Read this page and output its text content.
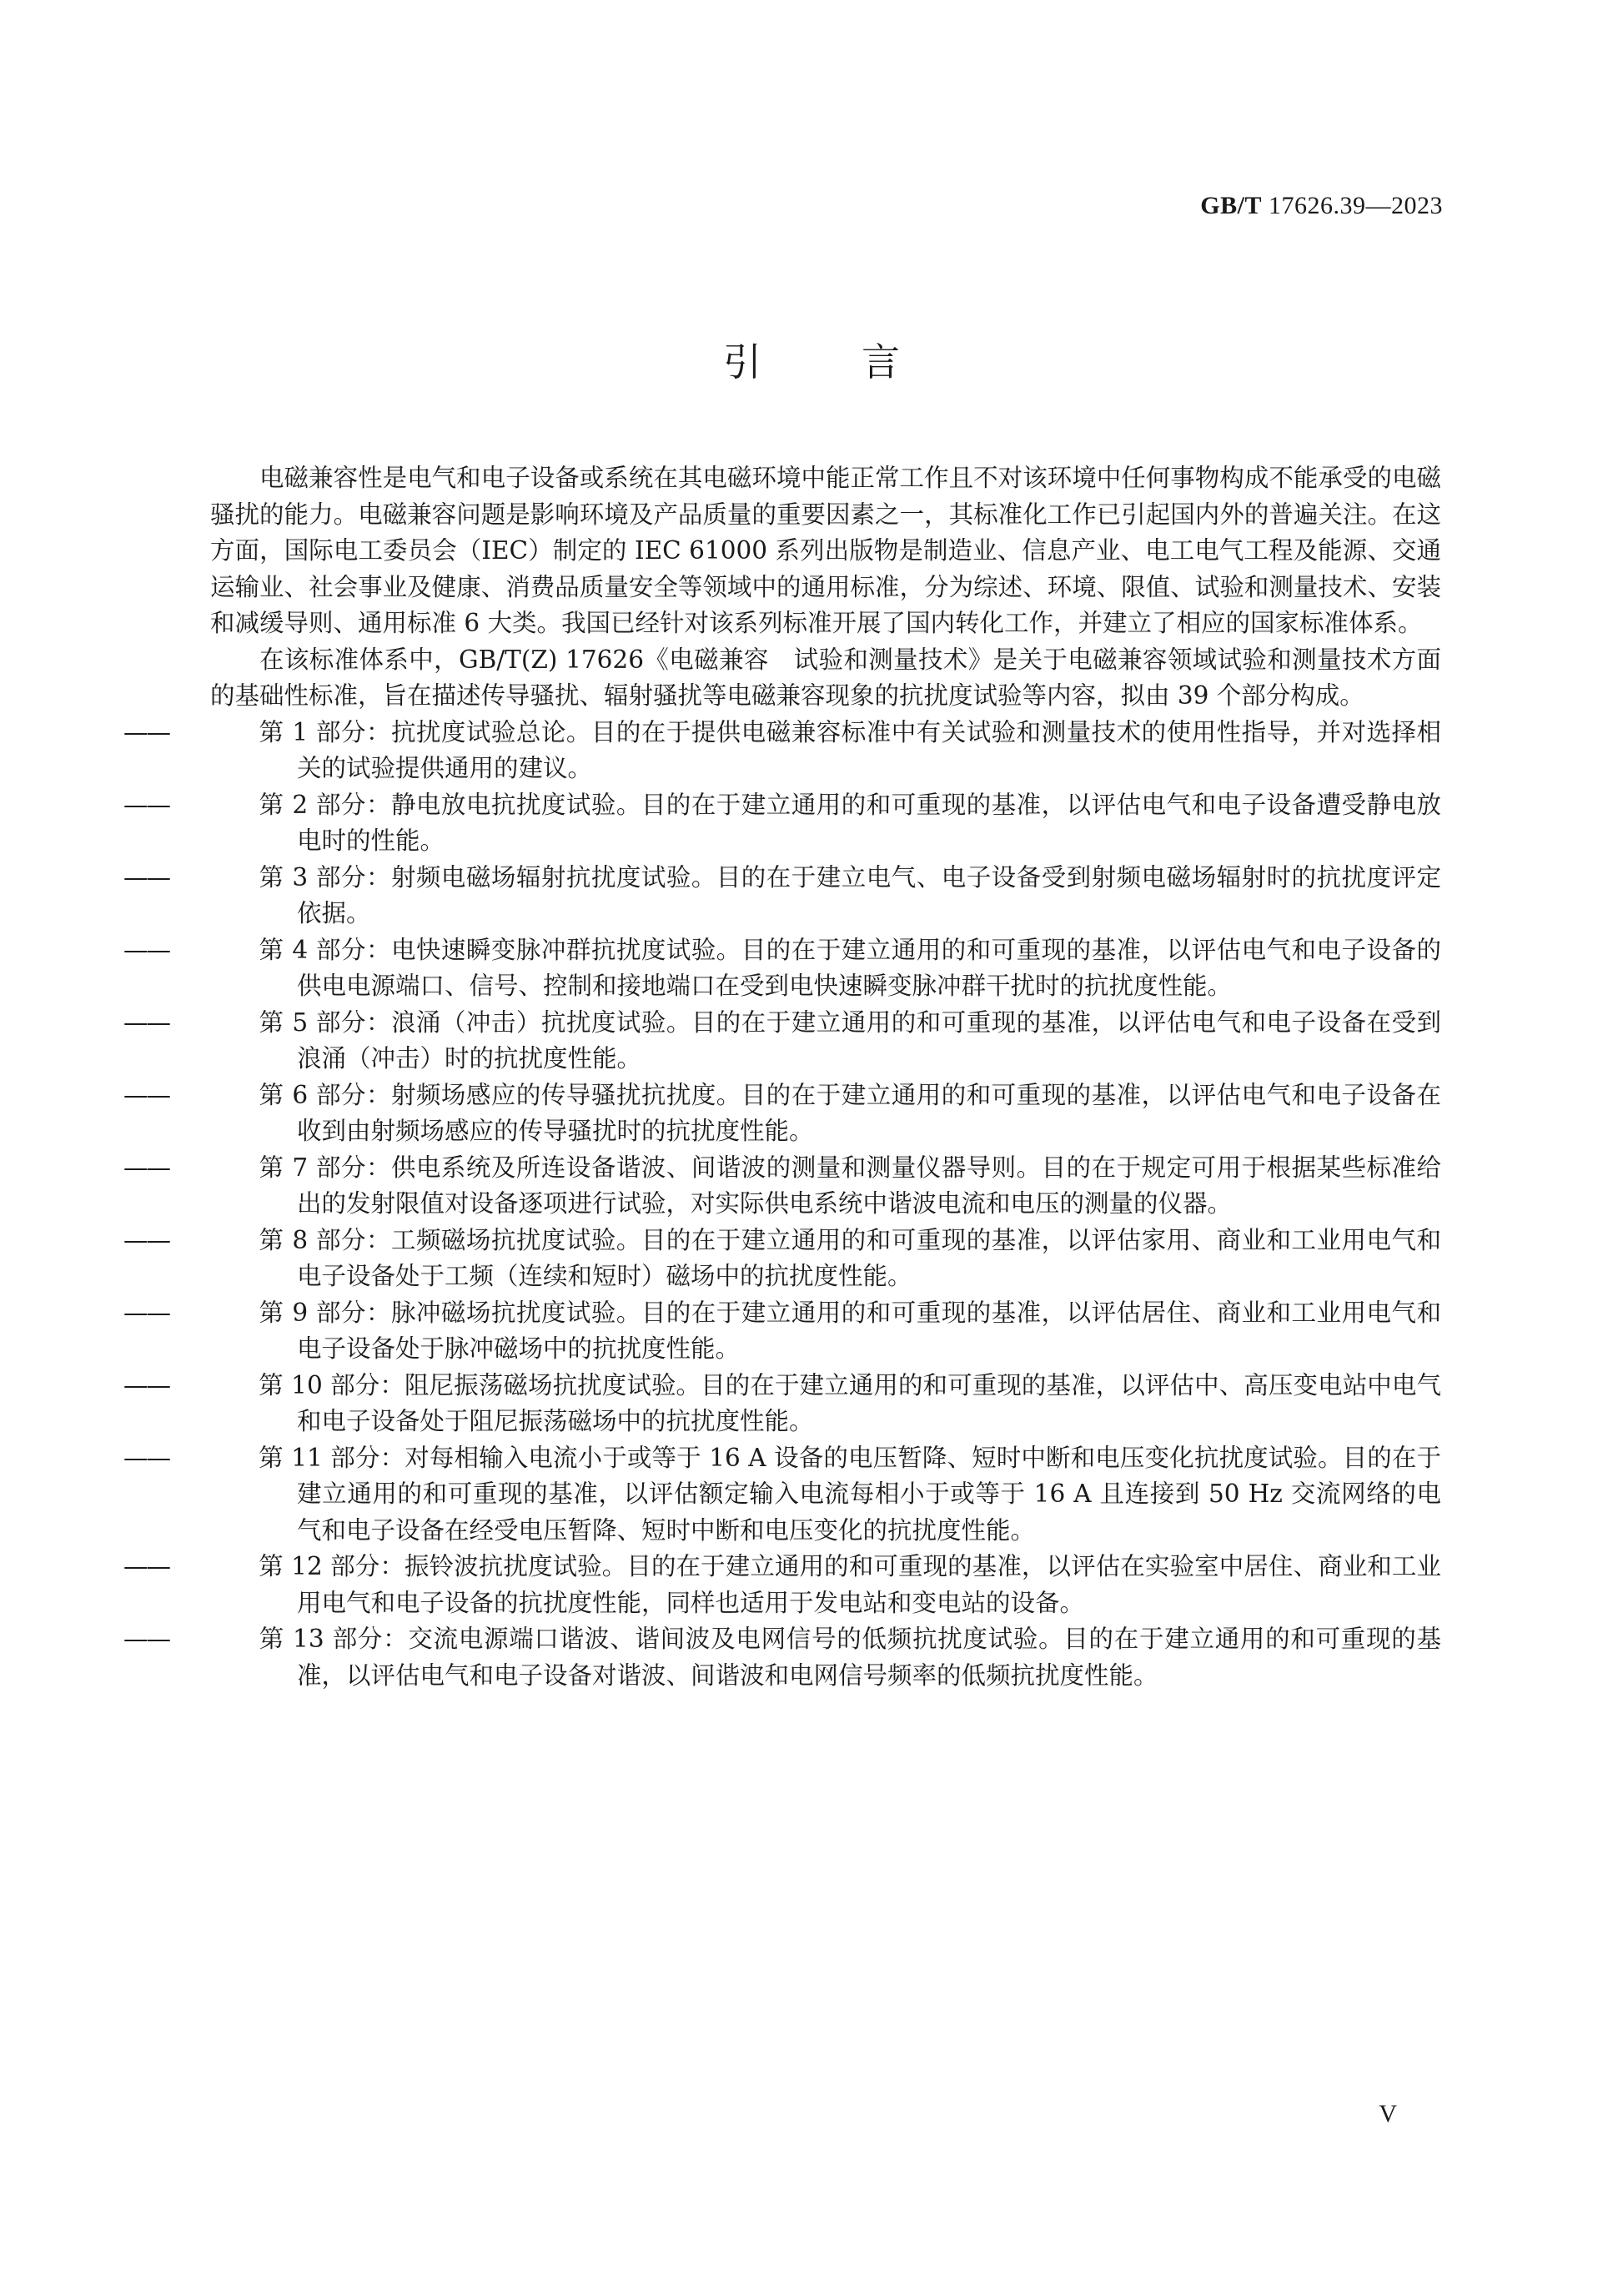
GB/T 17626.39—2023
引言

电磁兼容性是电气和电子设备或系统在其电磁环境中能正常工作且不对该环境中任何事物构成不能承受的电磁骚扰的能力。电磁兼容问题是影响环境及产品质量的重要因素之一，其标准化工作已引起国内外的普遍关注。在这方面，国际电工委员会（IEC）制定的 IEC 61000 系列出版物是制造业、信息产业、电工电气工程及能源、交通运输业、社会事业及健康、消费品质量安全等领域中的通用标准，分为综述、环境、限值、试验和测量技术、安装和减缓导则、通用标准 6 大类。我国已经针对该系列标准开展了国内转化工作，并建立了相应的国家标准体系。

在该标准体系中，GB/T(Z) 17626《电磁兼容　试验和测量技术》是关于电磁兼容领域试验和测量技术方面的基础性标准，旨在描述传导骚扰、辐射骚扰等电磁兼容现象的抗扰度试验等内容，拟由 39 个部分构成。

——	第 1 部分：抗扰度试验总论。目的在于提供电磁兼容标准中有关试验和测量技术的使用性指导，并对选择相关的试验提供通用的建议。

——	第 2 部分：静电放电抗扰度试验。目的在于建立通用的和可重现的基准，以评估电气和电子设备遭受静电放电时的性能。

——	第 3 部分：射频电磁场辐射抗扰度试验。目的在于建立电气、电子设备受到射频电磁场辐射时的抗扰度评定依据。

——	第 4 部分：电快速瞬变脉冲群抗扰度试验。目的在于建立通用的和可重现的基准，以评估电气和电子设备的供电电源端口、信号、控制和接地端口在受到电快速瞬变脉冲群干扰时的抗扰度性能。

——	第 5 部分：浪涌（冲击）抗扰度试验。目的在于建立通用的和可重现的基准，以评估电气和电子设备在受到浪涌（冲击）时的抗扰度性能。

——	第 6 部分：射频场感应的传导骚扰抗扰度。目的在于建立通用的和可重现的基准，以评估电气和电子设备在收到由射频场感应的传导骚扰时的抗扰度性能。

——	第 7 部分：供电系统及所连设备谐波、间谐波的测量和测量仪器导则。目的在于规定可用于根据某些标准给出的发射限值对设备逐项进行试验，对实际供电系统中谐波电流和电压的测量的仪器。

——	第 8 部分：工频磁场抗扰度试验。目的在于建立通用的和可重现的基准，以评估家用、商业和工业用电气和电子设备处于工频（连续和短时）磁场中的抗扰度性能。

——	第 9 部分：脉冲磁场抗扰度试验。目的在于建立通用的和可重现的基准，以评估居住、商业和工业用电气和电子设备处于脉冲磁场中的抗扰度性能。

——	第 10 部分：阻尼振荡磁场抗扰度试验。目的在于建立通用的和可重现的基准，以评估中、高压变电站中电气和电子设备处于阻尼振荡磁场中的抗扰度性能。

——	第 11 部分：对每相输入电流小于或等于 16 A 设备的电压暂降、短时中断和电压变化抗扰度试验。目的在于建立通用的和可重现的基准，以评估额定输入电流每相小于或等于 16 A 且连接到 50 Hz 交流网络的电气和电子设备在经受电压暂降、短时中断和电压变化的抗扰度性能。

——	第 12 部分：振铃波抗扰度试验。目的在于建立通用的和可重现的基准，以评估在实验室中居住、商业和工业用电气和电子设备的抗扰度性能，同样也适用于发电站和变电站的设备。

——	第 13 部分：交流电源端口谐波、谐间波及电网信号的低频抗扰度试验。目的在于建立通用的和可重现的基准，以评估电气和电子设备对谐波、间谐波和电网信号频率的低频抗扰度性能。

V
